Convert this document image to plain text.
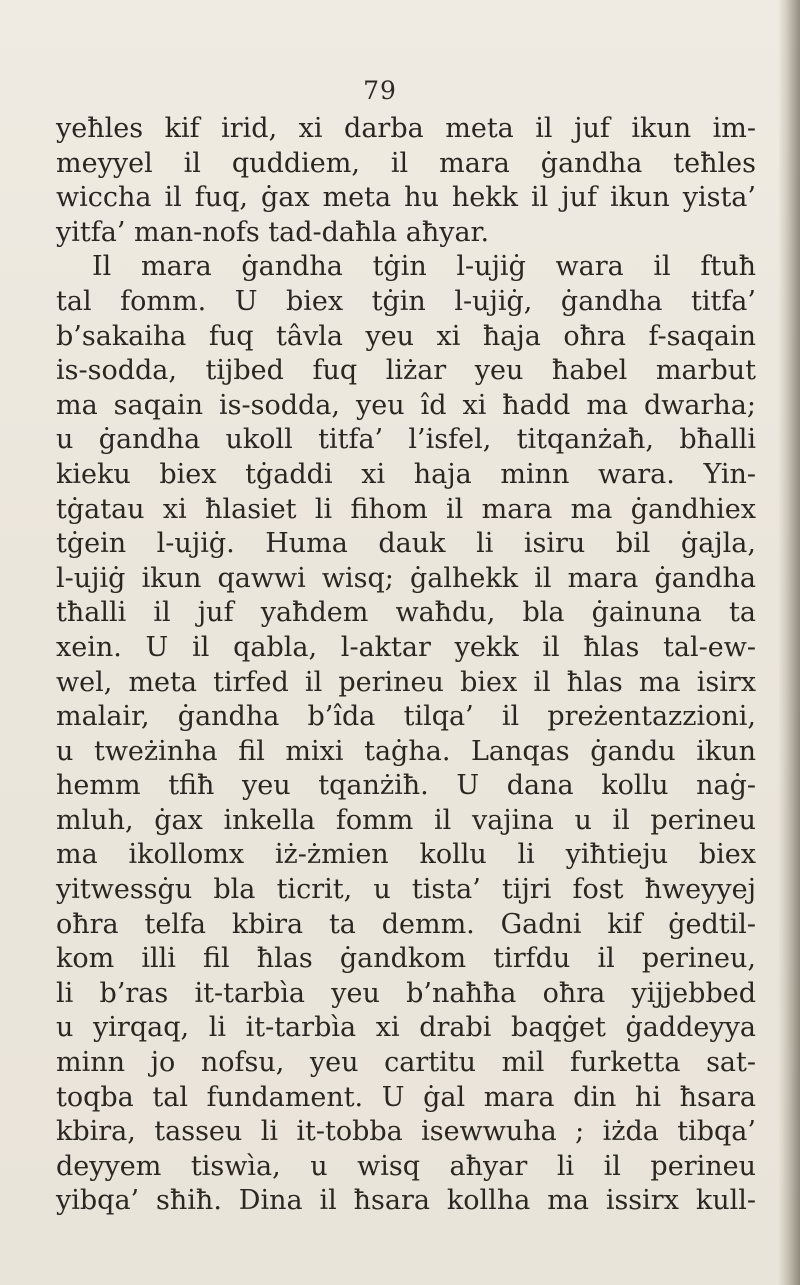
79
yeħles kif irid, xi darba meta il juf ikun im-
meyyel il quddiem, il mara ġandha teħles
wiccha il fuq, ġax meta hu hekk il juf ikun yista’
yitfa’ man-nofs tad-daħla aħyar.
Il mara ġandha tġin l-ujiġ wara il ftuħ
tal fomm. U biex tġin l-ujiġ, ġandha titfa’
b’sakaiha fuq tâvla yeu xi ħaja oħra f-saqain
is-sodda, tijbed fuq liżar yeu ħabel marbut
ma saqain is-sodda, yeu îd xi ħadd ma dwarha;
u ġandha ukoll titfa’ l’isfel, titqanżaħ, bħalli
kieku biex tġaddi xi haja minn wara. Yin-
tġatau xi ħlasiet li fihom il mara ma ġandhiex
tġein l-ujiġ. Huma dauk li isiru bil ġajla,
l-ujiġ ikun qawwi wisq; ġalhekk il mara ġandha
tħalli il juf yaħdem waħdu, bla ġainuna ta
xein. U il qabla, l-aktar yekk il ħlas tal-ew-
wel, meta tirfed il perineu biex il ħlas ma isirx
malair, ġandha b’îda tilqa’ il preżentazzioni,
u tweżinha fil mixi taġha. Lanqas ġandu ikun
hemm tfiħ yeu tqanżiħ. U dana kollu naġ-
mluh, ġax inkella fomm il vajina u il perineu
ma ikollomx iż-żmien kollu li yiħtieju biex
yitwessġu bla ticrit, u tista’ tijri fost ħweyyej
oħra telfa kbira ta demm. Gadni kif ġedtil-
kom illi fil ħlas ġandkom tirfdu il perineu,
li b’ras it-tarbìa yeu b’naħħa oħra yijjebbed
u yirqaq, li it-tarbìa xi drabi baqġet ġaddeyya
minn jo nofsu, yeu cartitu mil furketta sat-
toqba tal fundament. U ġal mara din hi ħsara
kbira, tasseu li it-tobba isewwuha ; iżda tibqa’
deyyem tiswìa, u wisq aħyar li il perineu
yibqa’ sħiħ. Dina il ħsara kollha ma issirx kull-
